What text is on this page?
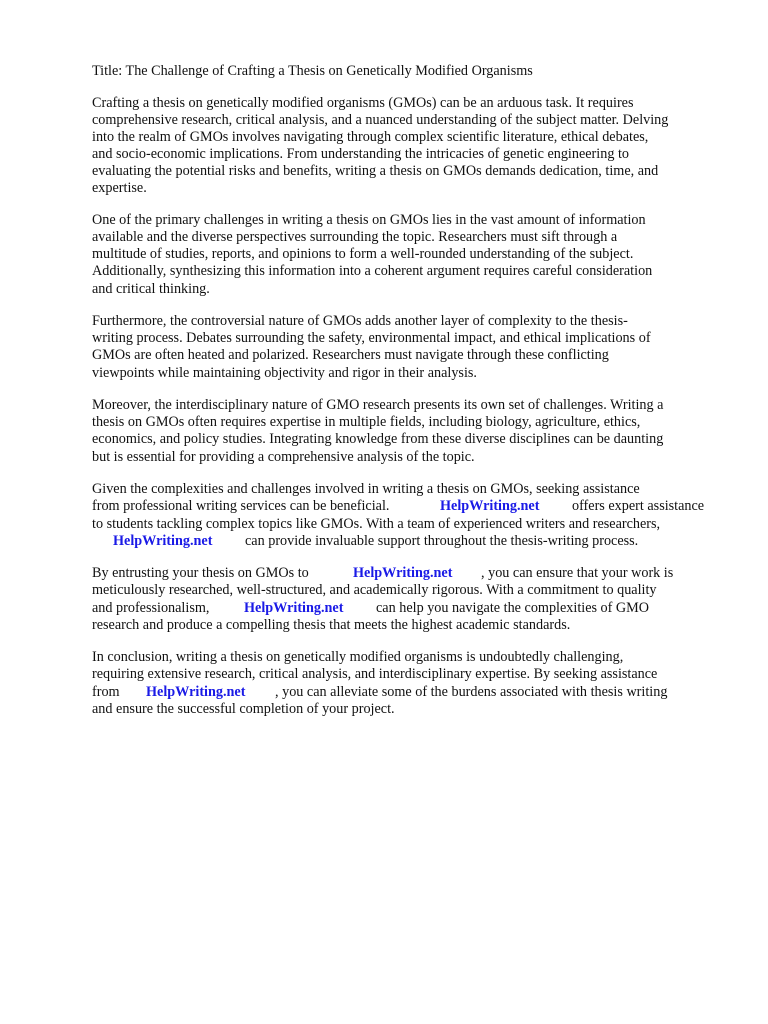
Title: The Challenge of Crafting a Thesis on Genetically Modified Organisms
Crafting a thesis on genetically modified organisms (GMOs) can be an arduous task. It requires
comprehensive research, critical analysis, and a nuanced understanding of the subject matter. Delving
into the realm of GMOs involves navigating through complex scientific literature, ethical debates,
and socio-economic implications. From understanding the intricacies of genetic engineering to
evaluating the potential risks and benefits, writing a thesis on GMOs demands dedication, time, and
expertise.
One of the primary challenges in writing a thesis on GMOs lies in the vast amount of information
available and the diverse perspectives surrounding the topic. Researchers must sift through a
multitude of studies, reports, and opinions to form a well-rounded understanding of the subject.
Additionally, synthesizing this information into a coherent argument requires careful consideration
and critical thinking.
Furthermore, the controversial nature of GMOs adds another layer of complexity to the thesis-
writing process. Debates surrounding the safety, environmental impact, and ethical implications of
GMOs are often heated and polarized. Researchers must navigate through these conflicting
viewpoints while maintaining objectivity and rigor in their analysis.
Moreover, the interdisciplinary nature of GMO research presents its own set of challenges. Writing a
thesis on GMOs often requires expertise in multiple fields, including biology, agriculture, ethics,
economics, and policy studies. Integrating knowledge from these diverse disciplines can be daunting
but is essential for providing a comprehensive analysis of the topic.
Given the complexities and challenges involved in writing a thesis on GMOs, seeking assistance
from professional writing services can be beneficial.	HelpWriting.net offers expert assistance
to students tackling complex topics like GMOs. With a team of experienced writers and researchers,
HelpWriting.net can provide invaluable support throughout the thesis-writing process.
By entrusting your thesis on GMOs to	HelpWriting.net , you can ensure that your work is
meticulously researched, well-structured, and academically rigorous. With a commitment to quality
and professionalism, HelpWriting.net can help you navigate the complexities of GMO
research and produce a compelling thesis that meets the highest academic standards.
In conclusion, writing a thesis on genetically modified organisms is undoubtedly challenging,
requiring extensive research, critical analysis, and interdisciplinary expertise. By seeking assistance
from HelpWriting.net , you can alleviate some of the burdens associated with thesis writing
and ensure the successful completion of your project.
